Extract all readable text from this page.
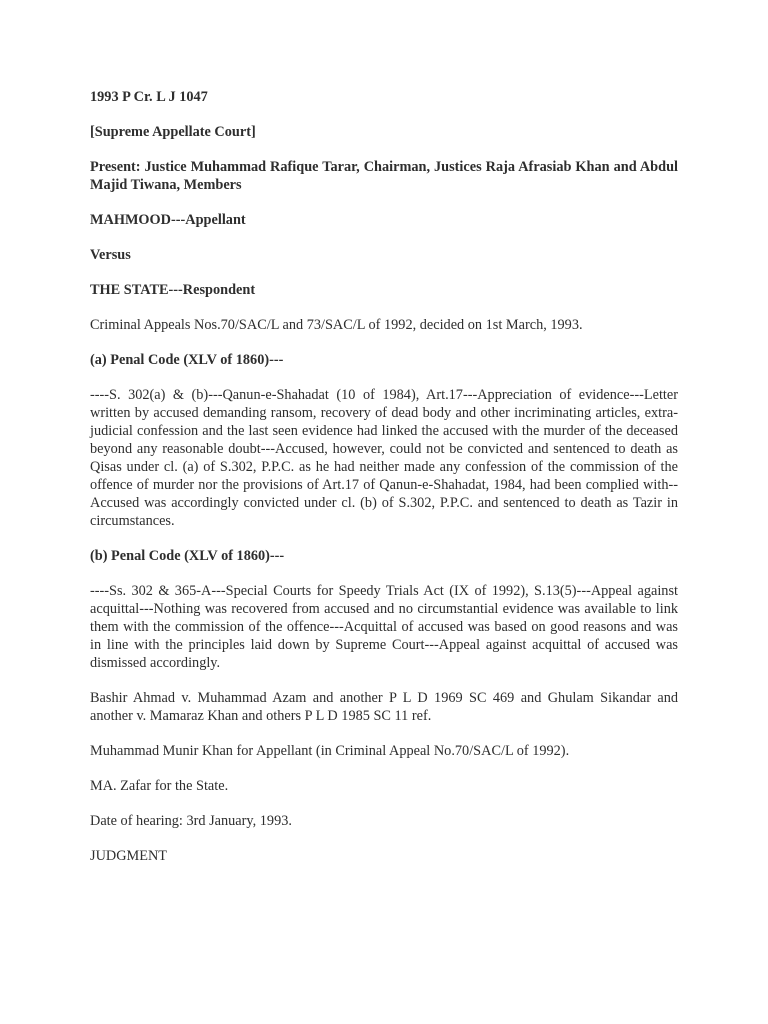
1993 P Cr. L J 1047

[Supreme Appellate Court]

Present: Justice Muhammad Rafique Tarar, Chairman, Justices Raja Afrasiab Khan and Abdul Majid Tiwana, Members

MAHMOOD---Appellant

Versus

THE STATE---Respondent

Criminal Appeals Nos.70/SAC/L and 73/SAC/L of 1992, decided on 1st March, 1993.

(a) Penal Code (XLV of 1860)---

----S. 302(a) & (b)---Qanun-e-Shahadat (10 of 1984), Art.17---Appreciation of evidence---Letter written by accused demanding ransom, recovery of dead body and other incriminating articles, extra-judicial confession and the last seen evidence had linked the accused with the murder of the deceased beyond any reasonable doubt---Accused, however, could not be convicted and sentenced to death as Qisas under cl. (a) of S.302, P.P.C. as he had neither made any confession of the commission of the offence of murder nor the provisions of Art.17 of Qanun-e-Shahadat, 1984, had been complied with-- Accused was accordingly convicted under cl. (b) of S.302, P.P.C. and sentenced to death as Tazir in circumstances.

(b) Penal Code (XLV of 1860)---

----Ss. 302 & 365-A---Special Courts for Speedy Trials Act (IX of 1992), S.13(5)---Appeal against acquittal---Nothing was recovered from accused and no circumstantial evidence was available to link them with the commission of the offence---Acquittal of accused was based on good reasons and was in line with the principles laid down by Supreme Court---Appeal against acquittal of accused was dismissed accordingly.

Bashir Ahmad v. Muhammad Azam and another P L D 1969 SC 469 and Ghulam Sikandar and another v. Mamaraz Khan and others P L D 1985 SC 11 ref.

Muhammad Munir Khan for Appellant (in Criminal Appeal No.70/SAC/L of 1992).

MA. Zafar for the State.

Date of hearing: 3rd January, 1993.

JUDGMENT
